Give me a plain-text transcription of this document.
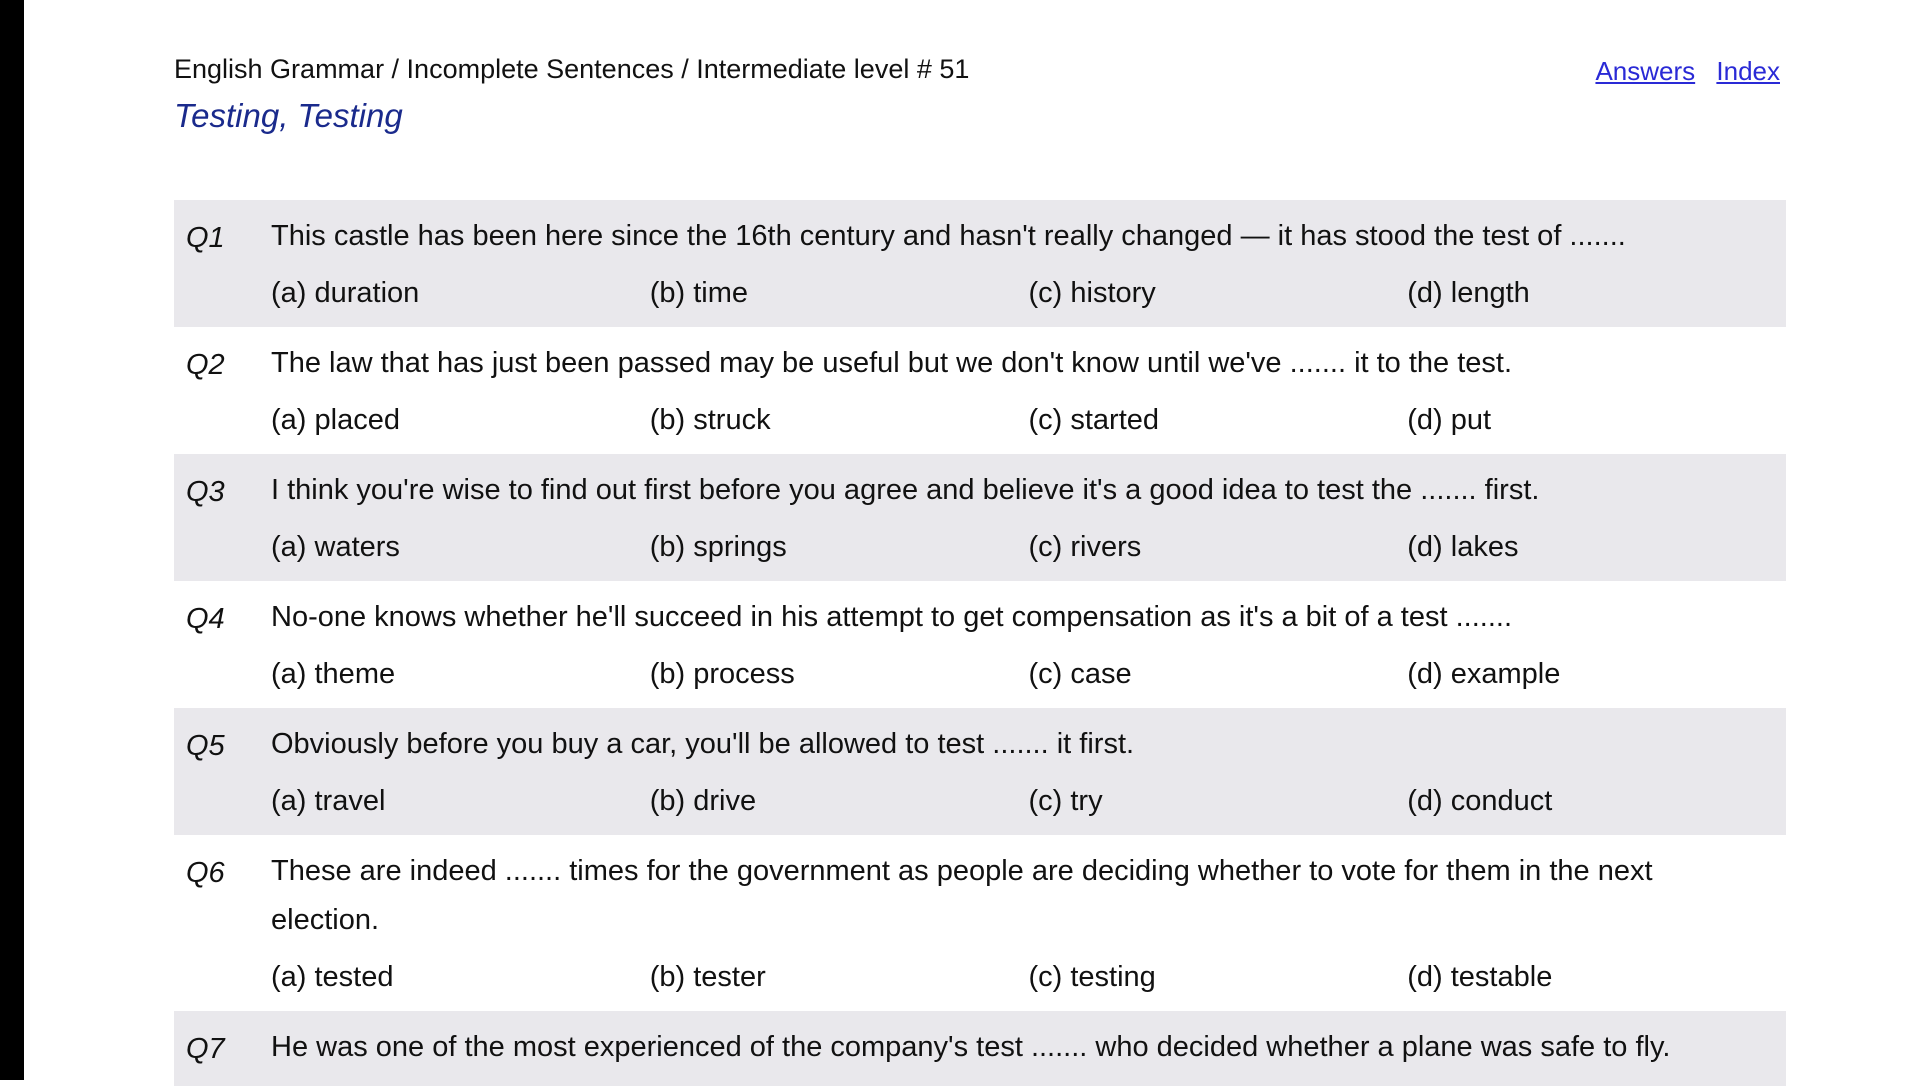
English Grammar / Incomplete Sentences / Intermediate level # 51
Testing, Testing
Answers Index
Q1	This castle has been here since the 16th century and hasn't really changed — it has stood the test of .......
(a) duration	(b) time	(c) history	(d) length
Q2	The law that has just been passed may be useful but we don't know until we've ....... it to the test.
(a) placed	(b) struck	(c) started	(d) put
Q3	I think you're wise to find out first before you agree and believe it's a good idea to test the ....... first.
(a) waters	(b) springs	(c) rivers	(d) lakes
Q4	No-one knows whether he'll succeed in his attempt to get compensation as it's a bit of a test .......
(a) theme	(b) process	(c) case	(d) example
Q5	Obviously before you buy a car, you'll be allowed to test ....... it first.
(a) travel	(b) drive	(c) try	(d) conduct
Q6	These are indeed ....... times for the government as people are deciding whether to vote for them in the next election.
(a) tested	(b) tester	(c) testing	(d) testable
Q7	He was one of the most experienced of the company's test ....... who decided whether a plane was safe to fly.
